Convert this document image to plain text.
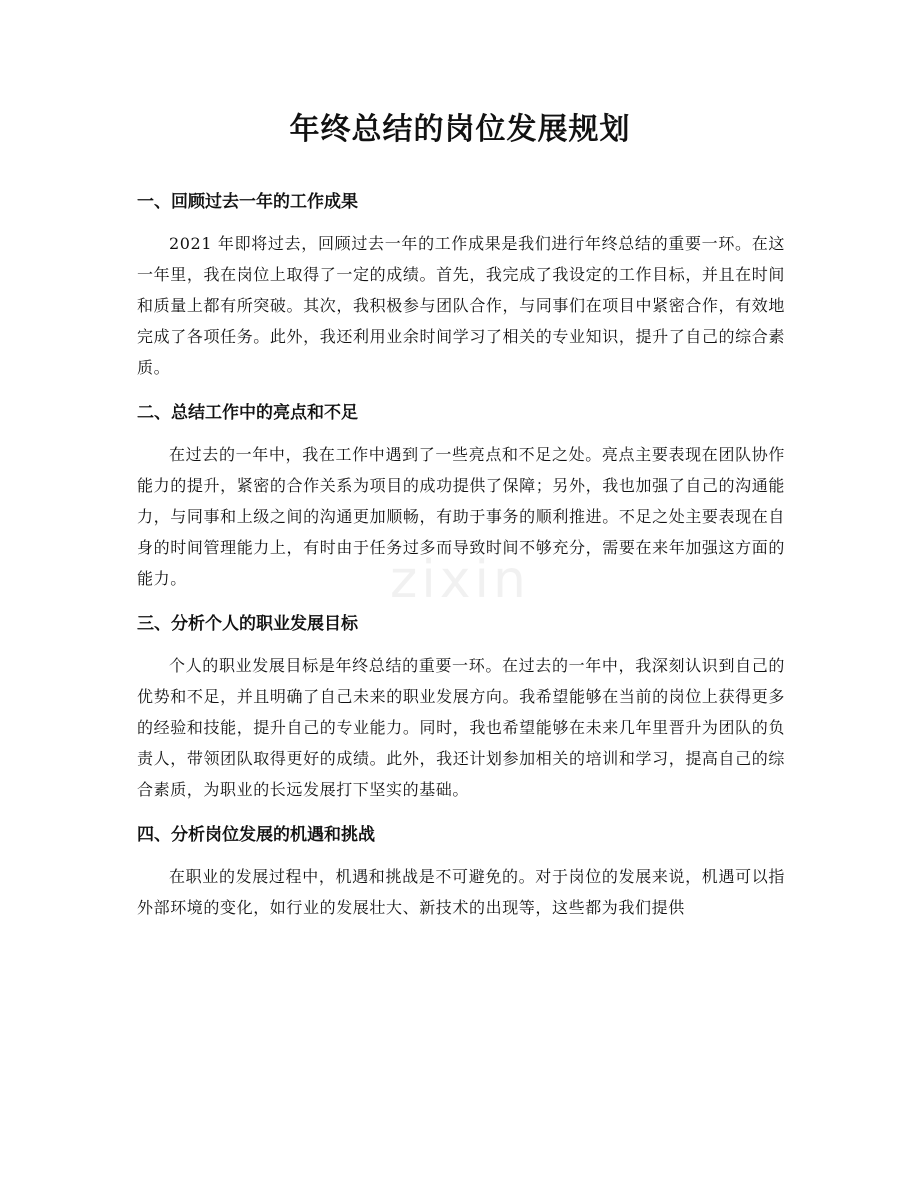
年终总结的岗位发展规划
zixin
一、回顾过去一年的工作成果

2021 年即将过去，回顾过去一年的工作成果是我们进行年终总结的重要一环。在这一年里，我在岗位上取得了一定的成绩。首先，我完成了我设定的工作目标，并且在时间和质量上都有所突破。其次，我积极参与团队合作，与同事们在项目中紧密合作，有效地完成了各项任务。此外，我还利用业余时间学习了相关的专业知识，提升了自己的综合素质。

二、总结工作中的亮点和不足

在过去的一年中，我在工作中遇到了一些亮点和不足之处。亮点主要表现在团队协作能力的提升，紧密的合作关系为项目的成功提供了保障；另外，我也加强了自己的沟通能力，与同事和上级之间的沟通更加顺畅，有助于事务的顺利推进。不足之处主要表现在自身的时间管理能力上，有时由于任务过多而导致时间不够充分，需要在来年加强这方面的能力。

三、分析个人的职业发展目标

个人的职业发展目标是年终总结的重要一环。在过去的一年中，我深刻认识到自己的优势和不足，并且明确了自己未来的职业发展方向。我希望能够在当前的岗位上获得更多的经验和技能，提升自己的专业能力。同时，我也希望能够在未来几年里晋升为团队的负责人，带领团队取得更好的成绩。此外，我还计划参加相关的培训和学习，提高自己的综合素质，为职业的长远发展打下坚实的基础。

四、分析岗位发展的机遇和挑战

在职业的发展过程中，机遇和挑战是不可避免的。对于岗位的发展来说，机遇可以指外部环境的变化，如行业的发展壮大、新技术的出现等，这些都为我们提供
